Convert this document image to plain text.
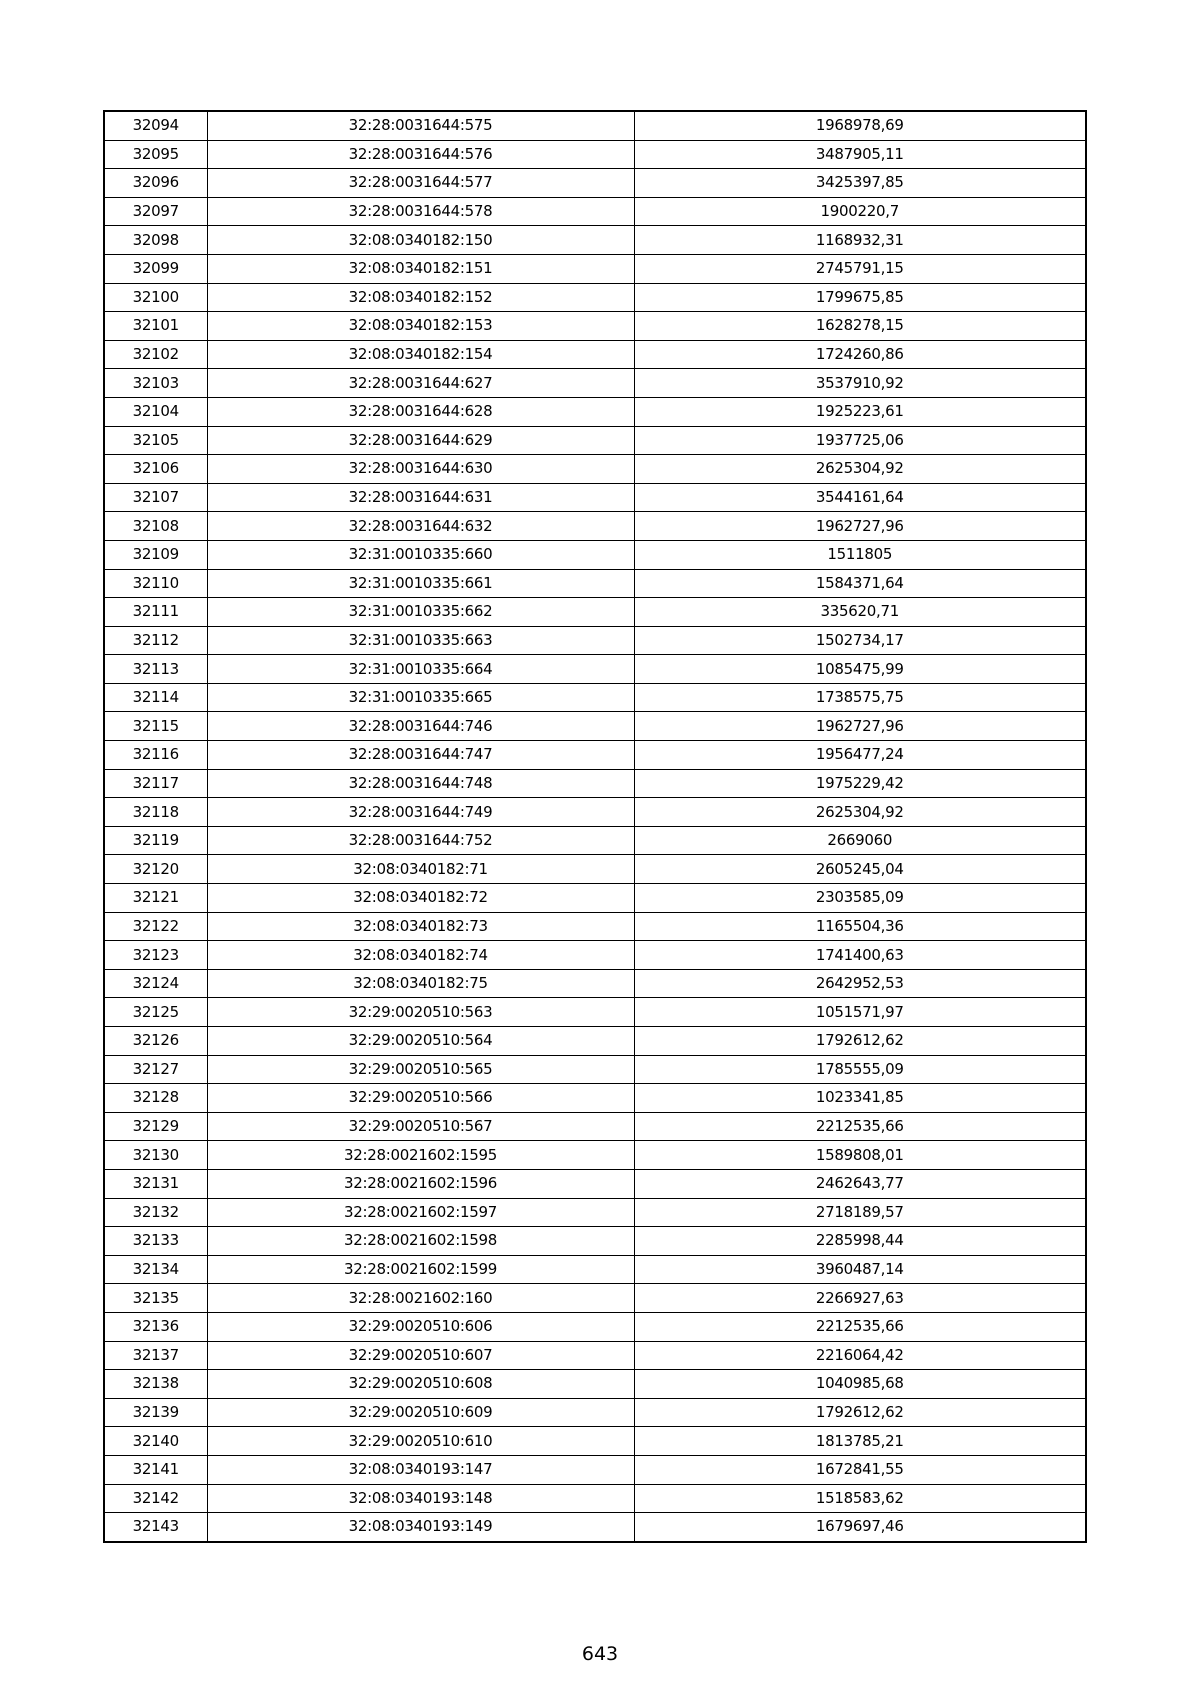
32094	32:28:0031644:575	1968978,69
32095	32:28:0031644:576	3487905,11
32096	32:28:0031644:577	3425397,85
32097	32:28:0031644:578	1900220,7
32098	32:08:0340182:150	1168932,31
32099	32:08:0340182:151	2745791,15
32100	32:08:0340182:152	1799675,85
32101	32:08:0340182:153	1628278,15
32102	32:08:0340182:154	1724260,86
32103	32:28:0031644:627	3537910,92
32104	32:28:0031644:628	1925223,61
32105	32:28:0031644:629	1937725,06
32106	32:28:0031644:630	2625304,92
32107	32:28:0031644:631	3544161,64
32108	32:28:0031644:632	1962727,96
32109	32:31:0010335:660	1511805
32110	32:31:0010335:661	1584371,64
32111	32:31:0010335:662	335620,71
32112	32:31:0010335:663	1502734,17
32113	32:31:0010335:664	1085475,99
32114	32:31:0010335:665	1738575,75
32115	32:28:0031644:746	1962727,96
32116	32:28:0031644:747	1956477,24
32117	32:28:0031644:748	1975229,42
32118	32:28:0031644:749	2625304,92
32119	32:28:0031644:752	2669060
32120	32:08:0340182:71	2605245,04
32121	32:08:0340182:72	2303585,09
32122	32:08:0340182:73	1165504,36
32123	32:08:0340182:74	1741400,63
32124	32:08:0340182:75	2642952,53
32125	32:29:0020510:563	1051571,97
32126	32:29:0020510:564	1792612,62
32127	32:29:0020510:565	1785555,09
32128	32:29:0020510:566	1023341,85
32129	32:29:0020510:567	2212535,66
32130	32:28:0021602:1595	1589808,01
32131	32:28:0021602:1596	2462643,77
32132	32:28:0021602:1597	2718189,57
32133	32:28:0021602:1598	2285998,44
32134	32:28:0021602:1599	3960487,14
32135	32:28:0021602:160	2266927,63
32136	32:29:0020510:606	2212535,66
32137	32:29:0020510:607	2216064,42
32138	32:29:0020510:608	1040985,68
32139	32:29:0020510:609	1792612,62
32140	32:29:0020510:610	1813785,21
32141	32:08:0340193:147	1672841,55
32142	32:08:0340193:148	1518583,62
32143	32:08:0340193:149	1679697,46
643
